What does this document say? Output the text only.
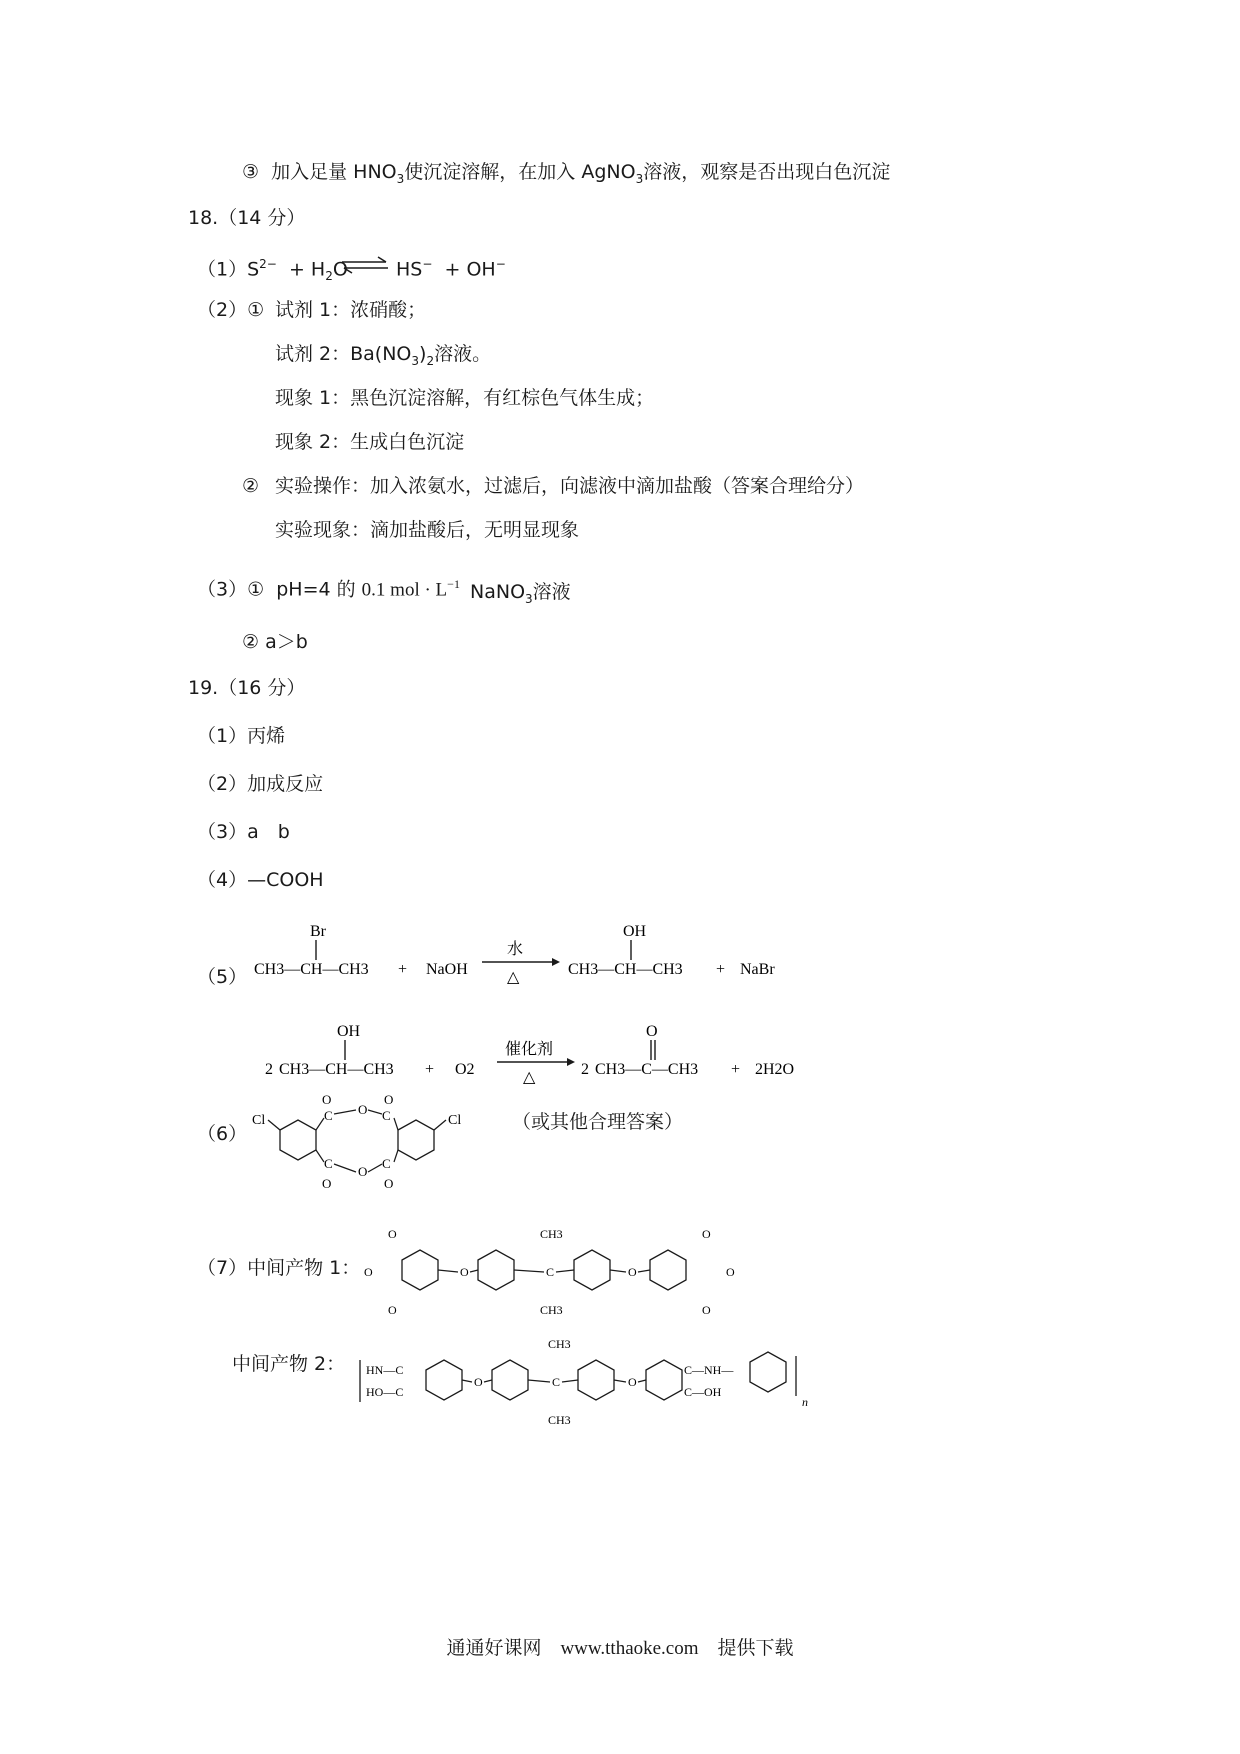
③ 加入足量 $HNO_3$使沉淀溶解，在加入 AgNO$_3$溶液，观察是否出现白色沉淀
18.（14 分）
$(1)S^{2-} + H_2O$ ⇌ HS− + OH−
（2）① 试剂 1：浓硝酸；
试剂 2：$Ba(NO_3)_2$溶液。
现象 1：黑色沉淀溶解，有红棕色气体生成；
现象 2：生成白色沉淀
② 实验操作：加入浓氨水，过滤后，向滤液中滴加盐酸（答案合理给分）
实验现象：滴加盐酸后，无明显现象
（3）① pH=4 的 0.1 mol · $L^{-1}$ NaNO$_3$溶液
② a＞b
19.（16 分）
（1）丙烯
（2）加成反应
（3）a　b
（4）—COOH
（5）
Br
CH3—CH—CH3 + NaOH
水
△
OH
CH3—CH—CH3 + NaBr
2
OH
CH3—CH—CH3 + O2
催化剂
△	2
O
CH3—C—CH3 + 2H2O
（6）
Cl	C
C
O
O
O
O
C
C
O
O
Cl	（或其他合理答案）
（7）中间产物 1：
O
O
O
O
CH3
C
CH3
O
O
O
O
中间产物 2： HN—C
HO—C
O
CH3
C
CH3
O
C—NH—
C—OH
n
通通好课网　www.tthaoke.com　提供下载
